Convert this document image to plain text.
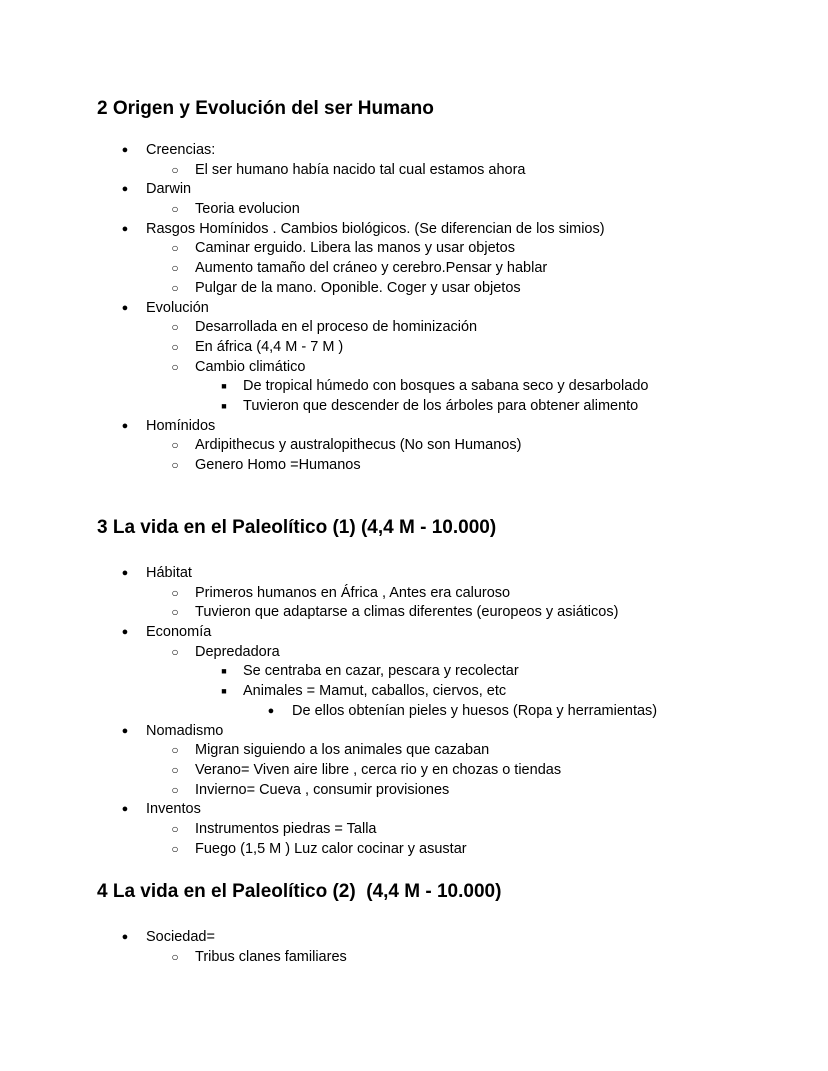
2 Origen y Evolución del ser Humano
● Creencias:
○ El ser humano había nacido tal cual estamos ahora
● Darwin
○ Teoria evolucion
● Rasgos Homínidos . Cambios biológicos. (Se diferencian de los simios)
○ Caminar erguido. Libera las manos y usar objetos
○ Aumento tamaño del cráneo y cerebro.Pensar y hablar
○ Pulgar de la mano. Oponible. Coger y usar objetos
● Evolución
○ Desarrollada en el proceso de hominización
○ En áfrica (4,4 M - 7 M )
○ Cambio climático
■ De tropical húmedo con bosques a sabana seco y desarbolado
■ Tuvieron que descender de los árboles para obtener alimento
● Homínidos
○ Ardipithecus y australopithecus (No son Humanos)
○ Genero Homo =Humanos
3 La vida en el Paleolítico (1) (4,4 M - 10.000)
● Hábitat
○ Primeros humanos en África , Antes era caluroso
○ Tuvieron que adaptarse a climas diferentes (europeos y asiáticos)
● Economía
○ Depredadora
■ Se centraba en cazar, pescara y recolectar
■ Animales = Mamut, caballos, ciervos, etc
● De ellos obtenían pieles y huesos (Ropa y herramientas)
● Nomadismo
○ Migran siguiendo a los animales que cazaban
○ Verano= Viven aire libre , cerca rio y en chozas o tiendas
○ Invierno= Cueva , consumir provisiones
● Inventos
○ Instrumentos piedras = Talla
○ Fuego (1,5 M ) Luz calor cocinar y asustar
4 La vida en el Paleolítico (2)  (4,4 M - 10.000)
● Sociedad=
○ Tribus clanes familiares
